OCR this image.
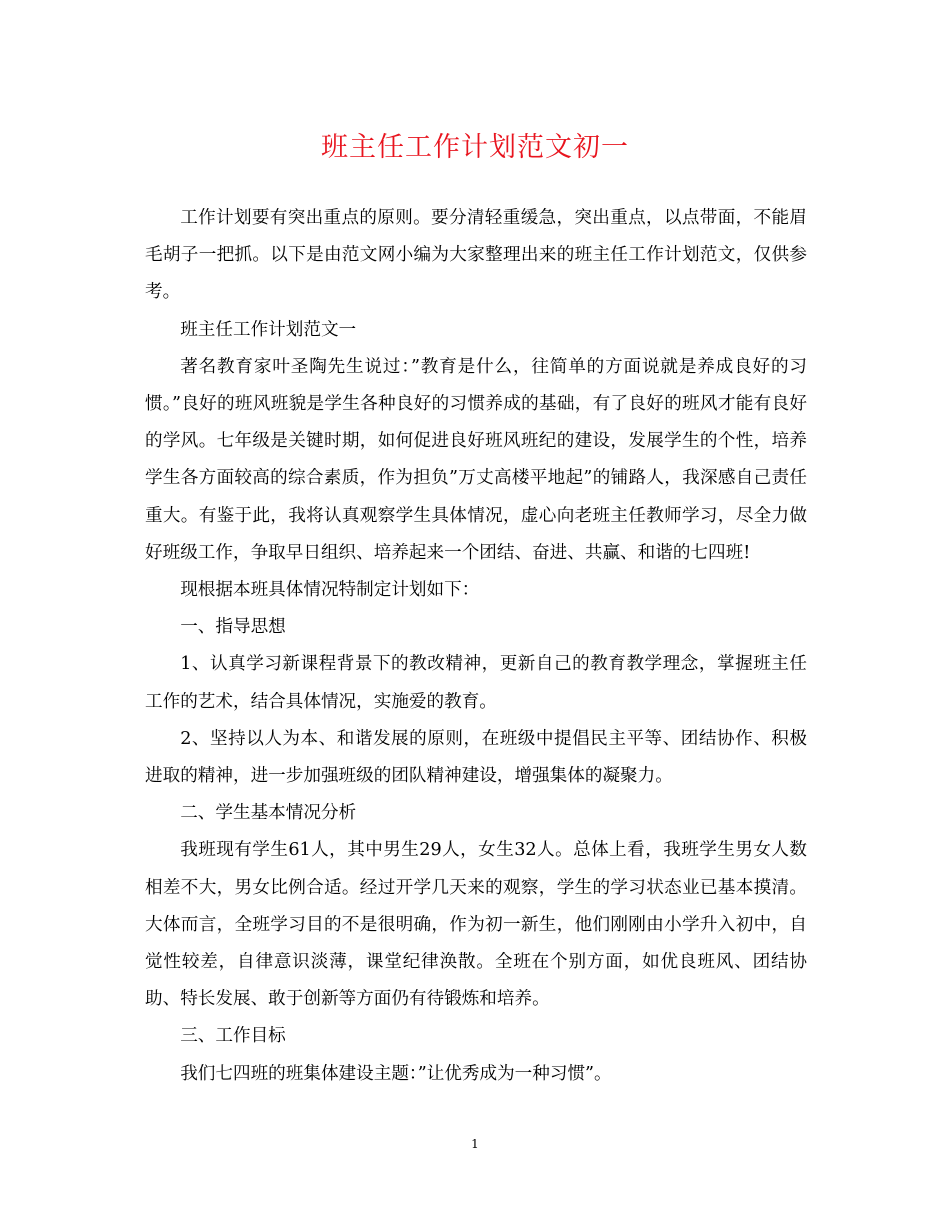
班主任工作计划范文初一

工作计划要有突出重点的原则。要分清轻重缓急，突出重点，以点带面，不能眉毛胡子一把抓。以下是由范文网小编为大家整理出来的班主任工作计划范文，仅供参考。

班主任工作计划范文一

著名教育家叶圣陶先生说过：”教育是什么，往简单的方面说就是养成良好的习惯。”良好的班风班貌是学生各种良好的习惯养成的基础，有了良好的班风才能有良好的学风。七年级是关键时期，如何促进良好班风班纪的建设，发展学生的个性，培养学生各方面较高的综合素质，作为担负”万丈高楼平地起”的铺路人，我深感自己责任重大。有鉴于此，我将认真观察学生具体情况，虚心向老班主任教师学习，尽全力做好班级工作，争取早日组织、培养起来一个团结、奋进、共赢、和谐的七四班!

现根据本班具体情况特制定计划如下：

一、指导思想

1、认真学习新课程背景下的教改精神，更新自己的教育教学理念，掌握班主任工作的艺术，结合具体情况，实施爱的教育。

2、坚持以人为本、和谐发展的原则，在班级中提倡民主平等、团结协作、积极进取的精神，进一步加强班级的团队精神建设，增强集体的凝聚力。

二、学生基本情况分析

我班现有学生61人，其中男生29人，女生32人。总体上看，我班学生男女人数相差不大，男女比例合适。经过开学几天来的观察，学生的学习状态业已基本摸清。大体而言，全班学习目的不是很明确，作为初一新生，他们刚刚由小学升入初中，自觉性较差，自律意识淡薄，课堂纪律涣散。全班在个别方面，如优良班风、团结协助、特长发展、敢于创新等方面仍有待锻炼和培养。

三、工作目标

我们七四班的班集体建设主题：”让优秀成为一种习惯”。

1
